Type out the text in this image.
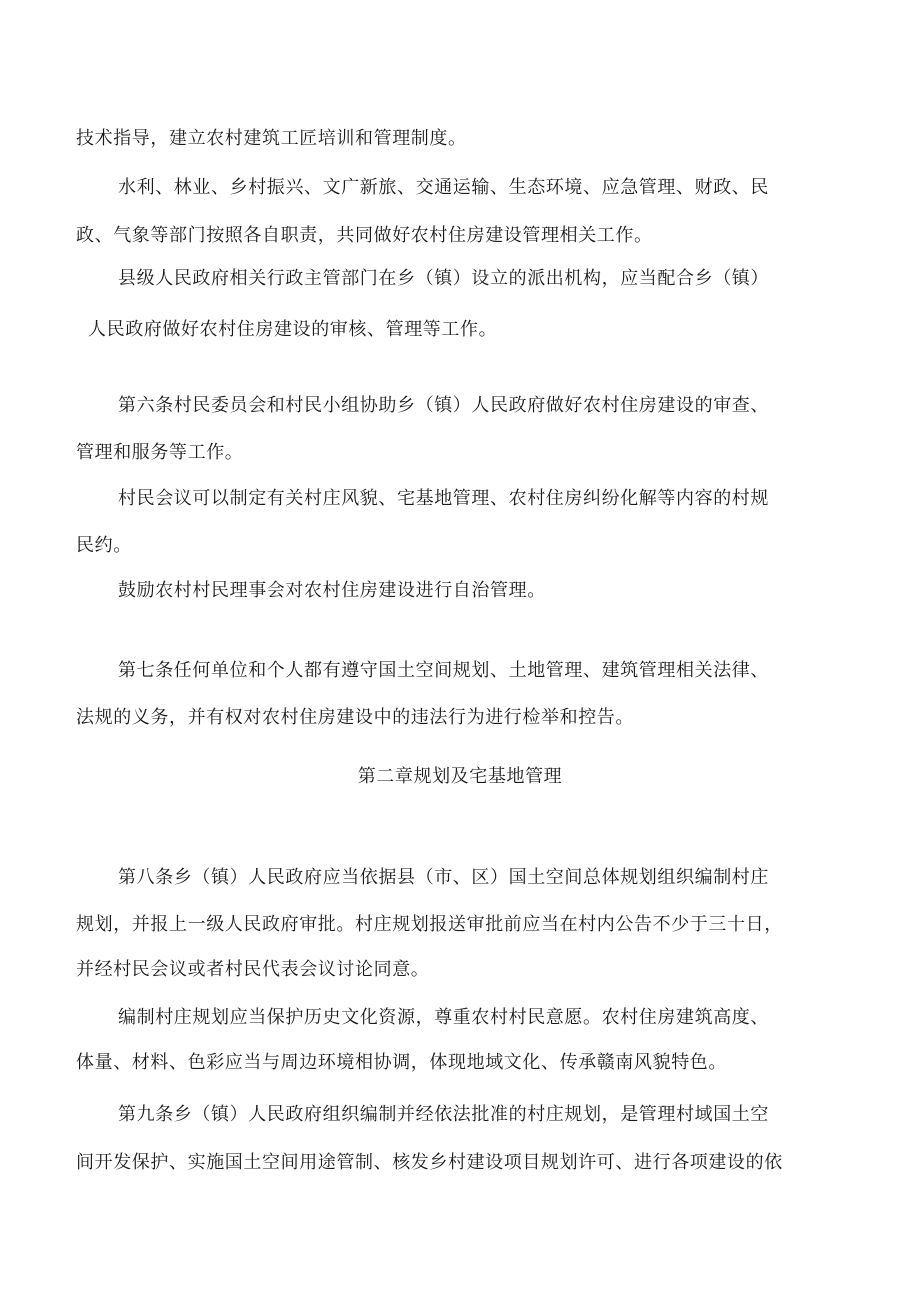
技术指导，建立农村建筑工匠培训和管理制度。
水利、林业、乡村振兴、文广新旅、交通运输、生态环境、应急管理、财政、民
政、气象等部门按照各自职责，共同做好农村住房建设管理相关工作。
县级人民政府相关行政主管部门在乡（镇）设立的派出机构，应当配合乡（镇）
人民政府做好农村住房建设的审核、管理等工作。
第六条村民委员会和村民小组协助乡（镇）人民政府做好农村住房建设的审查、
管理和服务等工作。
村民会议可以制定有关村庄风貌、宅基地管理、农村住房纠纷化解等内容的村规
民约。
鼓励农村村民理事会对农村住房建设进行自治管理。
第七条任何单位和个人都有遵守国土空间规划、土地管理、建筑管理相关法律、
法规的义务，并有权对农村住房建设中的违法行为进行检举和控告。
第二章规划及宅基地管理
第八条乡（镇）人民政府应当依据县（市、区）国土空间总体规划组织编制村庄
规划，并报上一级人民政府审批。村庄规划报送审批前应当在村内公告不少于三十日，
并经村民会议或者村民代表会议讨论同意。
编制村庄规划应当保护历史文化资源，尊重农村村民意愿。农村住房建筑高度、
体量、材料、色彩应当与周边环境相协调，体现地域文化、传承赣南风貌特色。
第九条乡（镇）人民政府组织编制并经依法批准的村庄规划，是管理村域国土空
间开发保护、实施国土空间用途管制、核发乡村建设项目规划许可、进行各项建设的依
